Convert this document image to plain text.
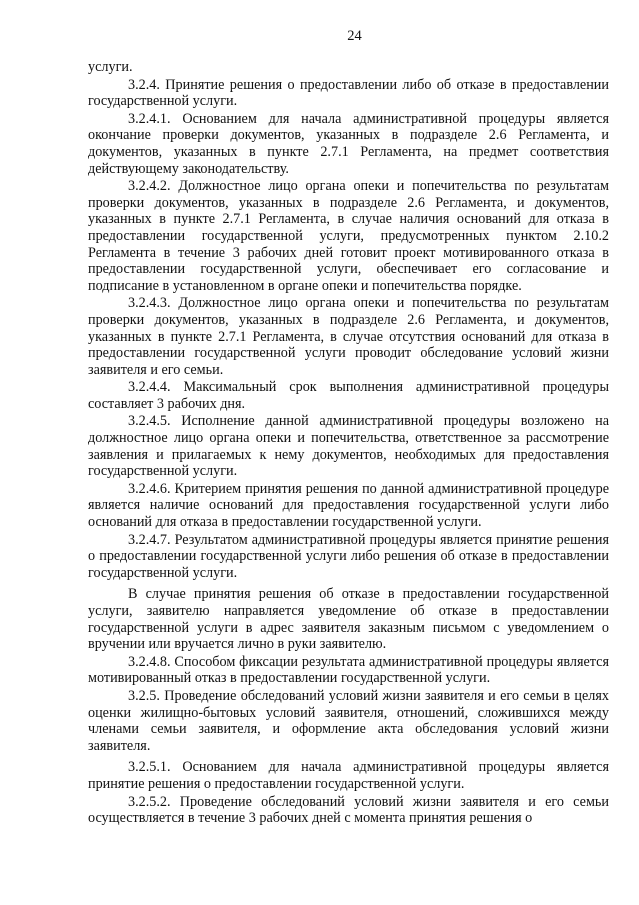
24

услуги.

3.2.4. Принятие решения о предоставлении либо об отказе в предоставлении государственной услуги.

3.2.4.1. Основанием для начала административной процедуры является окончание проверки документов, указанных в подразделе 2.6 Регламента, и документов, указанных в пункте 2.7.1 Регламента, на предмет соответствия действующему законодательству.

3.2.4.2. Должностное лицо органа опеки и попечительства по результатам проверки документов, указанных в подразделе 2.6 Регламента, и документов, указанных в пункте 2.7.1 Регламента, в случае наличия оснований для отказа в предоставлении государственной услуги, предусмотренных пунктом 2.10.2 Регламента в течение 3 рабочих дней готовит проект мотивированного отказа в предоставлении государственной услуги, обеспечивает его согласование и подписание в установленном в органе опеки и попечительства порядке.

3.2.4.3. Должностное лицо органа опеки и попечительства по результатам проверки документов, указанных в подразделе 2.6 Регламента, и документов, указанных в пункте 2.7.1 Регламента, в случае отсутствия оснований для отказа в предоставлении государственной услуги проводит обследование условий жизни заявителя и его семьи.

3.2.4.4. Максимальный срок выполнения административной процедуры составляет 3 рабочих дня.

3.2.4.5. Исполнение данной административной процедуры возложено на должностное лицо органа опеки и попечительства, ответственное за рассмотрение заявления и прилагаемых к нему документов, необходимых для предоставления государственной услуги.

3.2.4.6. Критерием принятия решения по данной административной процедуре является наличие оснований для предоставления государственной услуги либо оснований для отказа в предоставлении государственной услуги.

3.2.4.7. Результатом административной процедуры является принятие решения о предоставлении государственной услуги либо решения об отказе в предоставлении государственной услуги.

В случае принятия решения об отказе в предоставлении государственной услуги, заявителю направляется уведомление об отказе в предоставлении государственной услуги в адрес заявителя заказным письмом с уведомлением о вручении или вручается лично в руки заявителю.

3.2.4.8. Способом фиксации результата административной процедуры является мотивированный отказ в предоставлении государственной услуги.

3.2.5. Проведение обследований условий жизни заявителя и его семьи в целях оценки жилищно-бытовых условий заявителя, отношений, сложившихся между членами семьи заявителя, и оформление акта обследования условий жизни заявителя.

3.2.5.1. Основанием для начала административной процедуры является принятие решения о предоставлении государственной услуги.

3.2.5.2. Проведение обследований условий жизни заявителя и его семьи осуществляется в течение 3 рабочих дней с момента принятия решения о
